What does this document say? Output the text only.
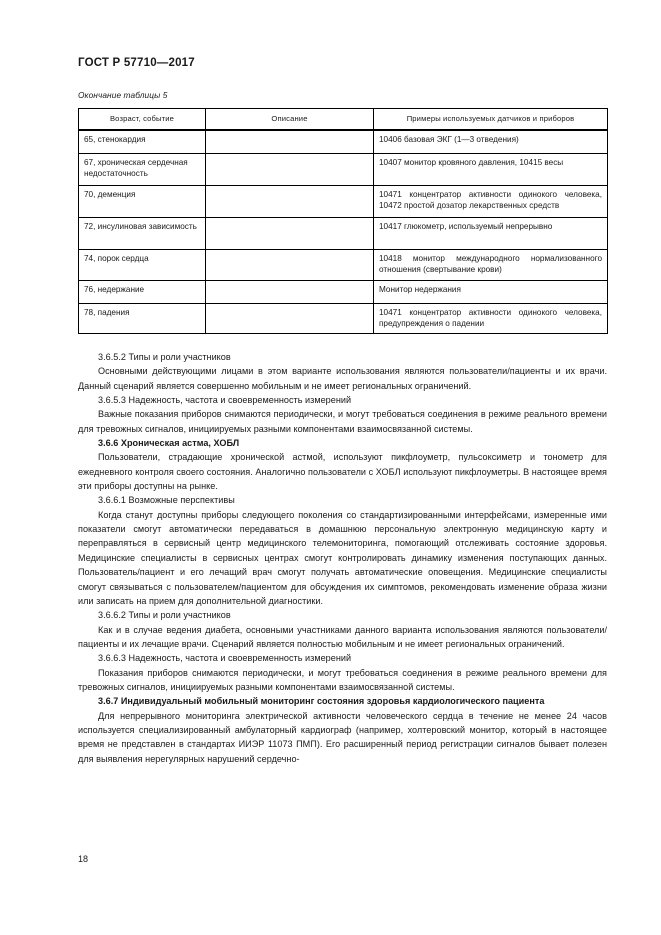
ГОСТ Р 57710—2017
Окончание таблицы 5
Возраст, событие	Описание	Примеры используемых датчиков и приборов
65, стенокардия		10406 базовая ЭКГ (1—3 отведения)
67, хроническая сердечная недостаточность		10407 монитор кровяного давления, 10415 весы
70, деменция		10471 концентратор активности одинокого человека, 10472 простой дозатор лекарственных средств
72, инсулиновая зависимость		10417 глюкометр, используемый непрерывно
74, порок сердца		10418 монитор международного нормализованного отношения (свертывание крови)
76, недержание		Монитор недержания
78, падения		10471 концентратор активности одинокого человека, предупреждения о падении

3.6.5.2 Типы и роли участников

Основными действующими лицами в этом варианте использования являются пользователи/пациенты и их врачи. Данный сценарий является совершенно мобильным и не имеет региональных ограничений.

3.6.5.3 Надежность, частота и своевременность измерений

Важные показания приборов снимаются периодически, и могут требоваться соединения в режиме реального времени для тревожных сигналов, инициируемых разными компонентами взаимосвязанной системы.

3.6.6 Хроническая астма, ХОБЛ

Пользователи, страдающие хронической астмой, используют пикфлоуметр, пульсоксиметр и тонометр для ежедневного контроля своего состояния. Аналогично пользователи с ХОБЛ используют пикфлоуметры. В настоящее время эти приборы доступны на рынке.

3.6.6.1 Возможные перспективы

Когда станут доступны приборы следующего поколения со стандартизированными интерфейсами, измеренные ими показатели смогут автоматически передаваться в домашнюю персональную электронную медицинскую карту и переправляться в сервисный центр медицинского телемониторинга, помогающий отслеживать состояние здоровья. Медицинские специалисты в сервисных центрах смогут контролировать динамику изменения поступающих данных. Пользователь/пациент и его лечащий врач смогут получать автоматические оповещения. Медицинские специалисты смогут связываться с пользователем/пациентом для обсуждения их симптомов, рекомендовать изменение образа жизни или записать на прием для дополнительной диагностики.

3.6.6.2 Типы и роли участников

Как и в случае ведения диабета, основными участниками данного варианта использования являются пользователи/пациенты и их лечащие врачи. Сценарий является полностью мобильным и не имеет региональных ограничений.

3.6.6.3 Надежность, частота и своевременность измерений

Показания приборов снимаются периодически, и могут требоваться соединения в режиме реального времени для тревожных сигналов, инициируемых разными компонентами взаимосвязанной системы.

3.6.7 Индивидуальный мобильный мониторинг состояния здоровья кардиологического пациента

Для непрерывного мониторинга электрической активности человеческого сердца в течение не менее 24 часов используется специализированный амбулаторный кардиограф (например, холтеровский монитор, который в настоящее время не представлен в стандартах ИИЭР 11073 ПМП). Его расширенный период регистрации сигналов бывает полезен для выявления нерегулярных нарушений сердечно-

18
